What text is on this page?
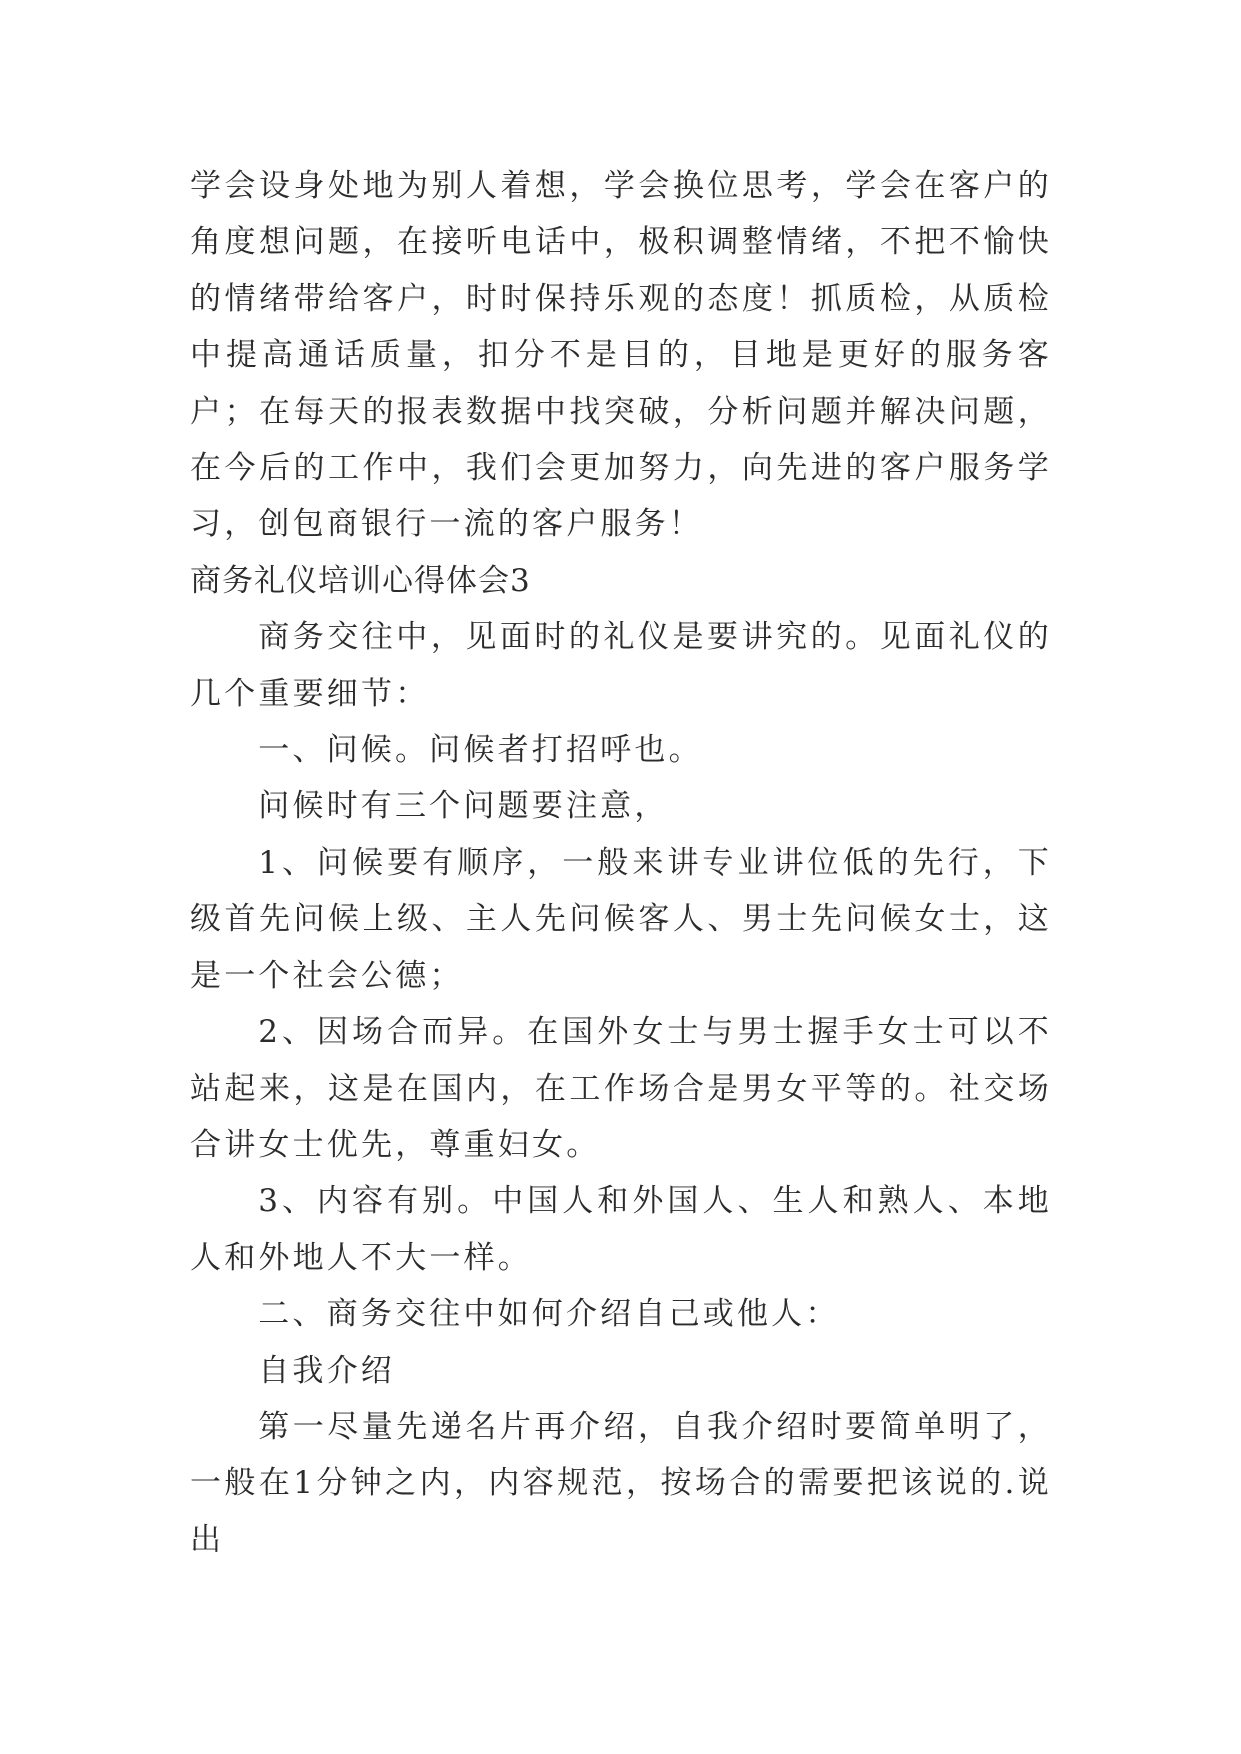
学会设身处地为别人着想，学会换位思考，学会在客户的角度想问题，在接听电话中，极积调整情绪，不把不愉快的情绪带给客户，时时保持乐观的态度！抓质检，从质检中提高通话质量，扣分不是目的，目地是更好的服务客户；在每天的报表数据中找突破，分析问题并解决问题，在今后的工作中，我们会更加努力，向先进的客户服务学习，创包商银行一流的客户服务！

商务礼仪培训心得体会3

商务交往中，见面时的礼仪是要讲究的。见面礼仪的几个重要细节：

一、问候。问候者打招呼也。

问候时有三个问题要注意，

1、问候要有顺序，一般来讲专业讲位低的先行，下级首先问候上级、主人先问候客人、男士先问候女士，这是一个社会公德；

2、因场合而异。在国外女士与男士握手女士可以不站起来，这是在国内，在工作场合是男女平等的。社交场合讲女士优先，尊重妇女。

3、内容有别。中国人和外国人、生人和熟人、本地人和外地人不大一样。

二、商务交往中如何介绍自己或他人：

自我介绍

第一尽量先递名片再介绍，自我介绍时要简单明了，一般在1分钟之内，内容规范，按场合的需要把该说的.说出
